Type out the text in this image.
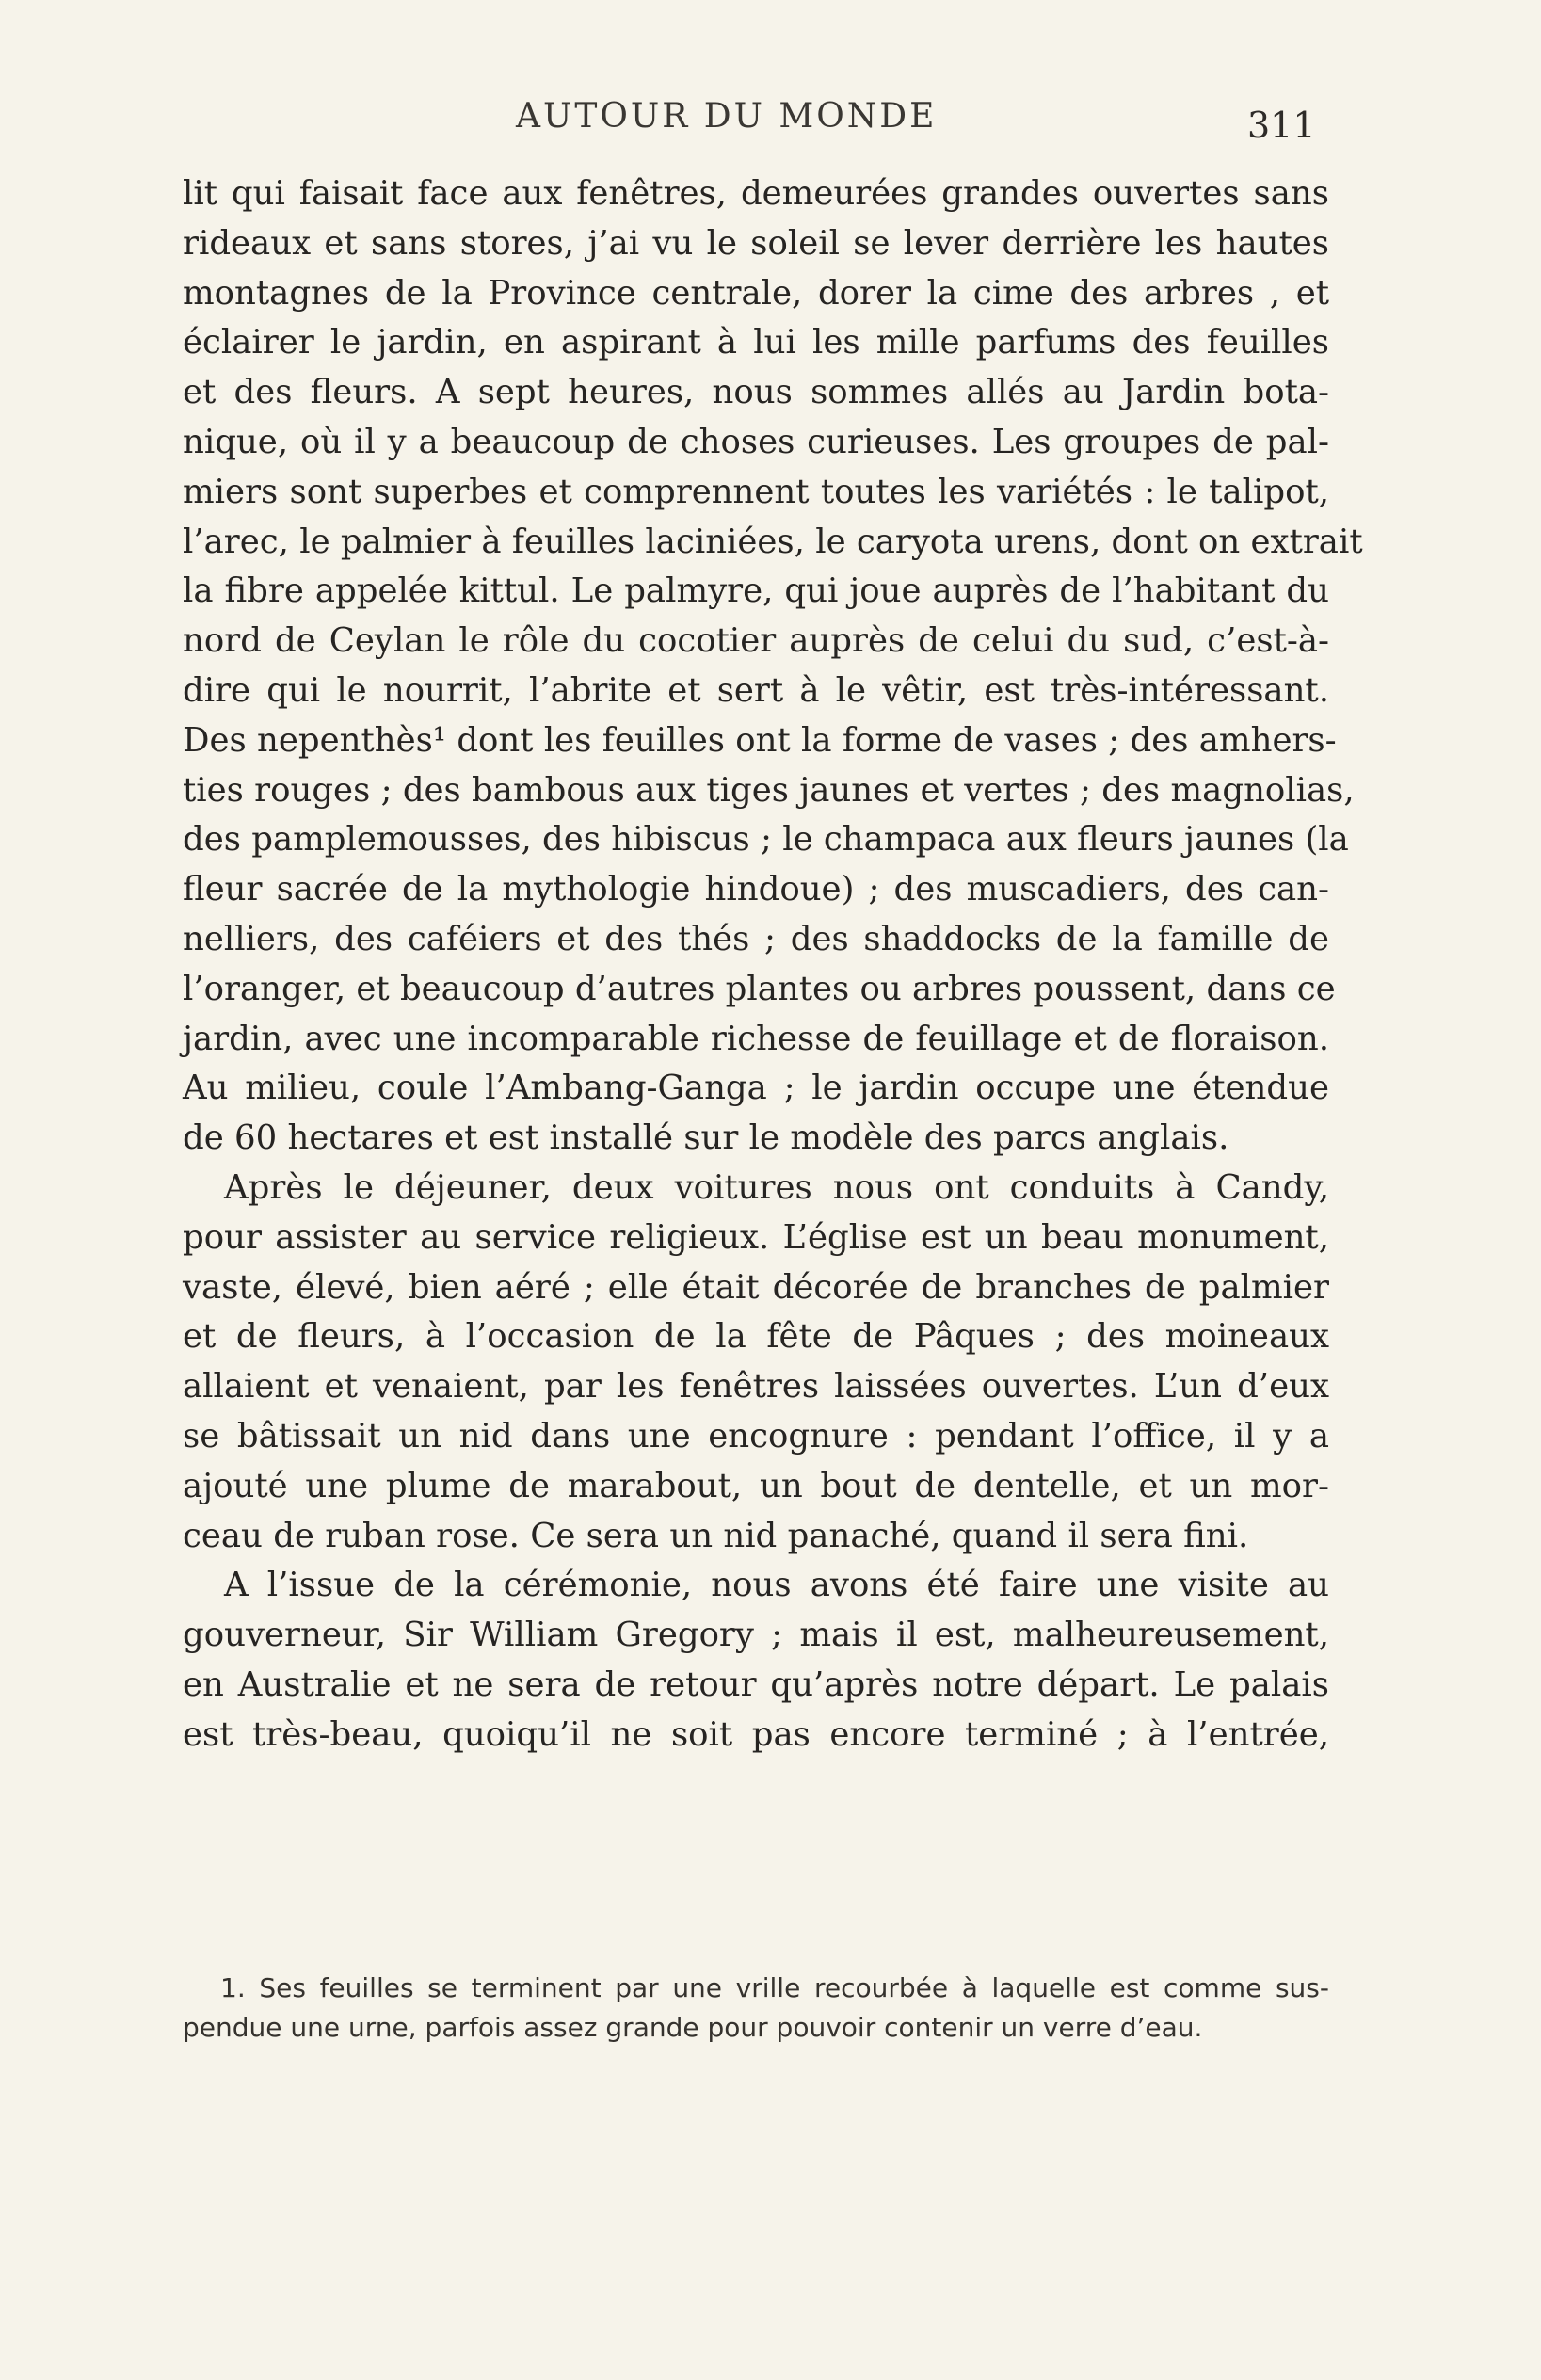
AUTOUR DU MONDE	311
lit qui faisait face aux fenêtres, demeurées grandes ouvertes sans
rideaux et sans stores, j’ai vu le soleil se lever derrière les hautes
montagnes de la Province centrale, dorer la cime des arbres , et
éclairer le jardin, en aspirant à lui les mille parfums des feuilles
et des fleurs. A sept heures, nous sommes allés au Jardin bota-
nique, où il y a beaucoup de choses curieuses. Les groupes de pal-
miers sont superbes et comprennent toutes les variétés : le talipot,
l’arec, le palmier à feuilles laciniées, le caryota urens, dont on extrait
la fibre appelée kittul. Le palmyre, qui joue auprès de l’habitant du
nord de Ceylan le rôle du cocotier auprès de celui du sud, c’est-à-
dire qui le nourrit, l’abrite et sert à le vêtir, est très-intéressant.
Des nepenthès¹ dont les feuilles ont la forme de vases ; des amhers-
ties rouges ; des bambous aux tiges jaunes et vertes ; des magnolias,
des pamplemousses, des hibiscus ; le champaca aux fleurs jaunes (la
fleur sacrée de la mythologie hindoue) ; des muscadiers, des can-
nelliers, des caféiers et des thés ; des shaddocks de la famille de
l’oranger, et beaucoup d’autres plantes ou arbres poussent, dans ce
jardin, avec une incomparable richesse de feuillage et de floraison.
Au milieu, coule l’Ambang-Ganga ; le jardin occupe une étendue
de 60 hectares et est installé sur le modèle des parcs anglais.
Après le déjeuner, deux voitures nous ont conduits à Candy,
pour assister au service religieux. L’église est un beau monument,
vaste, élevé, bien aéré ; elle était décorée de branches de palmier
et de fleurs, à l’occasion de la fête de Pâques ; des moineaux
allaient et venaient, par les fenêtres laissées ouvertes. L’un d’eux
se bâtissait un nid dans une encognure : pendant l’office, il y a
ajouté une plume de marabout, un bout de dentelle, et un mor-
ceau de ruban rose. Ce sera un nid panaché, quand il sera fini.
A l’issue de la cérémonie, nous avons été faire une visite au
gouverneur, Sir William Gregory ; mais il est, malheureusement,
en Australie et ne sera de retour qu’après notre départ. Le palais
est très-beau, quoiqu’il ne soit pas encore terminé ; à l’entrée,
1. Ses feuilles se terminent par une vrille recourbée à laquelle est comme sus-
pendue une urne, parfois assez grande pour pouvoir contenir un verre d’eau.
